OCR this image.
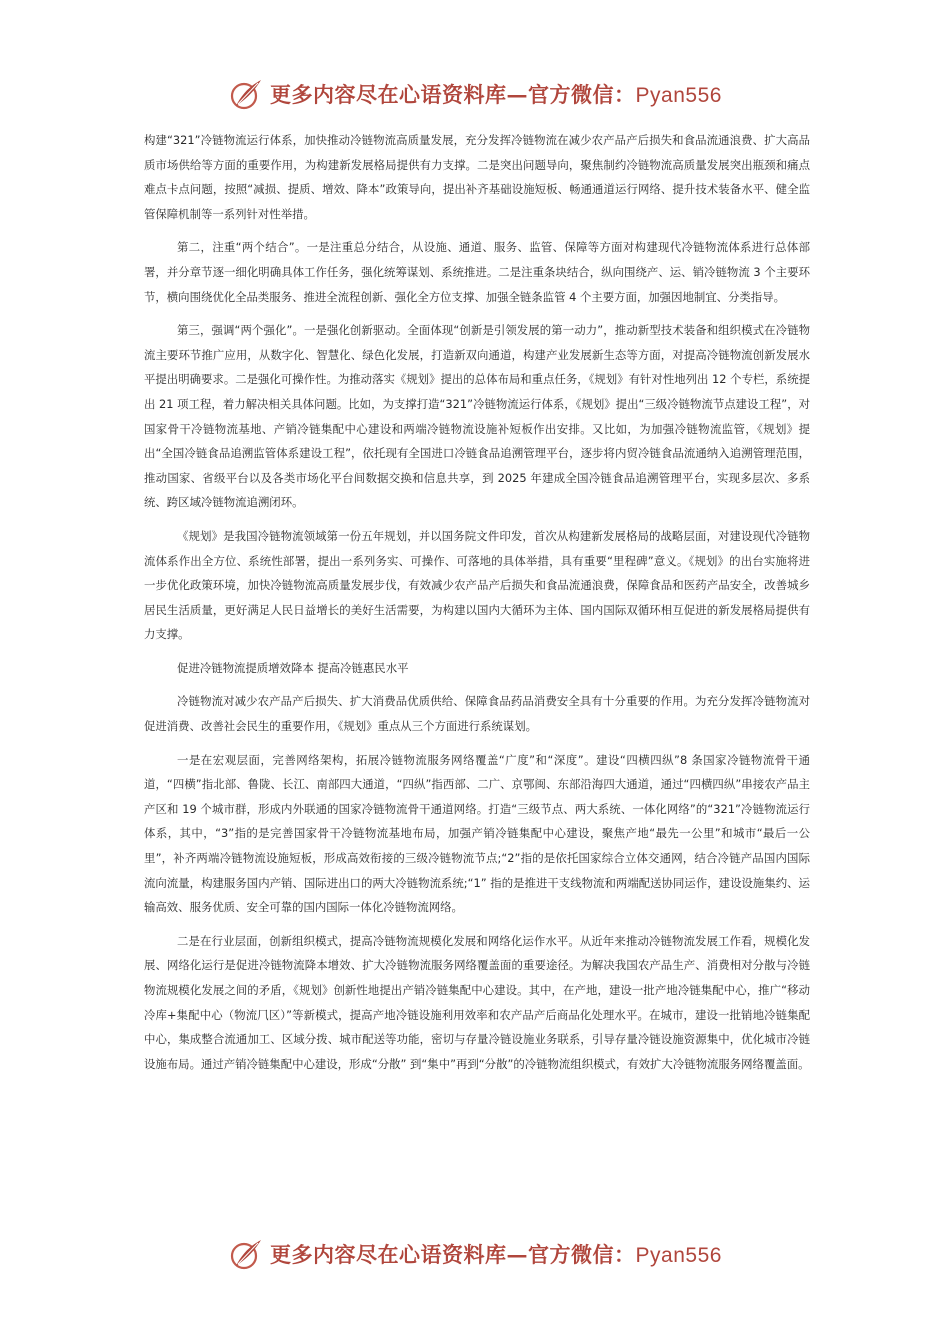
更多内容尽在心语资料库—官方微信：Pyan556

构建“321”冷链物流运行体系，加快推动冷链物流高质量发展，充分发挥冷链物流在减少农产品产后损失和食品流通浪费、扩大高品质市场供给等方面的重要作用，为构建新发展格局提供有力支撑。二是突出问题导向，聚焦制约冷链物流高质量发展突出瓶颈和痛点难点卡点问题，按照“减损、提质、增效、降本”政策导向，提出补齐基础设施短板、畅通通道运行网络、提升技术装备水平、健全监管保障机制等一系列针对性举措。

第二，注重“两个结合”。一是注重总分结合，从设施、通道、服务、监管、保障等方面对构建现代冷链物流体系进行总体部署，并分章节逐一细化明确具体工作任务，强化统筹谋划、系统推进。二是注重条块结合，纵向围绕产、运、销冷链物流 3 个主要环节，横向围绕优化全品类服务、推进全流程创新、强化全方位支撑、加强全链条监管 4 个主要方面，加强因地制宜、分类指导。

第三，强调“两个强化”。一是强化创新驱动。全面体现“创新是引领发展的第一动力”，推动新型技术装备和组织模式在冷链物流主要环节推广应用，从数字化、智慧化、绿色化发展，打造新双向通道，构建产业发展新生态等方面，对提高冷链物流创新发展水平提出明确要求。二是强化可操作性。为推动落实《规划》提出的总体布局和重点任务，《规划》有针对性地列出 12 个专栏，系统提出 21 项工程，着力解决相关具体问题。比如，为支撑打造“321”冷链物流运行体系，《规划》提出“三级冷链物流节点建设工程”，对国家骨干冷链物流基地、产销冷链集配中心建设和两端冷链物流设施补短板作出安排。又比如，为加强冷链物流监管，《规划》提出“全国冷链食品追溯监管体系建设工程”，依托现有全国进口冷链食品追溯管理平台，逐步将内贸冷链食品流通纳入追溯管理范围，推动国家、省级平台以及各类市场化平台间数据交换和信息共享，到 2025 年建成全国冷链食品追溯管理平台，实现多层次、多系统、跨区域冷链物流追溯闭环。

《规划》是我国冷链物流领域第一份五年规划，并以国务院文件印发，首次从构建新发展格局的战略层面，对建设现代冷链物流体系作出全方位、系统性部署，提出一系列务实、可操作、可落地的具体举措，具有重要“里程碑”意义。《规划》的出台实施将进一步优化政策环境，加快冷链物流高质量发展步伐，有效减少农产品产后损失和食品流通浪费，保障食品和医药产品安全，改善城乡居民生活质量，更好满足人民日益增长的美好生活需要，为构建以国内大循环为主体、国内国际双循环相互促进的新发展格局提供有力支撑。

促进冷链物流提质增效降本 提高冷链惠民水平

冷链物流对减少农产品产后损失、扩大消费品优质供给、保障食品药品消费安全具有十分重要的作用。为充分发挥冷链物流对促进消费、改善社会民生的重要作用，《规划》重点从三个方面进行系统谋划。

一是在宏观层面，完善网络架构，拓展冷链物流服务网络覆盖“广度”和“深度”。建设“四横四纵”8 条国家冷链物流骨干通道，“四横”指北部、鲁陇、长江、南部四大通道，“四纵”指西部、二广、京鄂闽、东部沿海四大通道，通过“四横四纵”串接农产品主产区和 19 个城市群，形成内外联通的国家冷链物流骨干通道网络。打造“三级节点、两大系统、一体化网络”的“321”冷链物流运行体系，其中，“3”指的是完善国家骨干冷链物流基地布局，加强产销冷链集配中心建设，聚焦产地“最先一公里”和城市“最后一公里”，补齐两端冷链物流设施短板，形成高效衔接的三级冷链物流节点;“2”指的是依托国家综合立体交通网，结合冷链产品国内国际流向流量，构建服务国内产销、国际进出口的两大冷链物流系统;“1” 指的是推进干支线物流和两端配送协同运作，建设设施集约、运输高效、服务优质、安全可靠的国内国际一体化冷链物流网络。

二是在行业层面，创新组织模式，提高冷链物流规模化发展和网络化运作水平。从近年来推动冷链物流发展工作看，规模化发展、网络化运行是促进冷链物流降本增效、扩大冷链物流服务网络覆盖面的重要途径。为解决我国农产品生产、消费相对分散与冷链物流规模化发展之间的矛盾，《规划》创新性地提出产销冷链集配中心建设。其中，在产地，建设一批产地冷链集配中心，推广“移动冷库+集配中心（物流⺇区）”等新模式，提高产地冷链设施利用效率和农产品产后商品化处理水平。在城市，建设一批销地冷链集配中心，集成整合流通加工、区域分拨、城市配送等功能，密切与存量冷链设施业务联系，引导存量冷链设施资源集中，优化城市冷链设施布局。通过产销冷链集配中心建设，形成“分散” 到“集中”再到“分散”的冷链物流组织模式，有效扩大冷链物流服务网络覆盖面。

更多内容尽在心语资料库—官方微信：Pyan556
